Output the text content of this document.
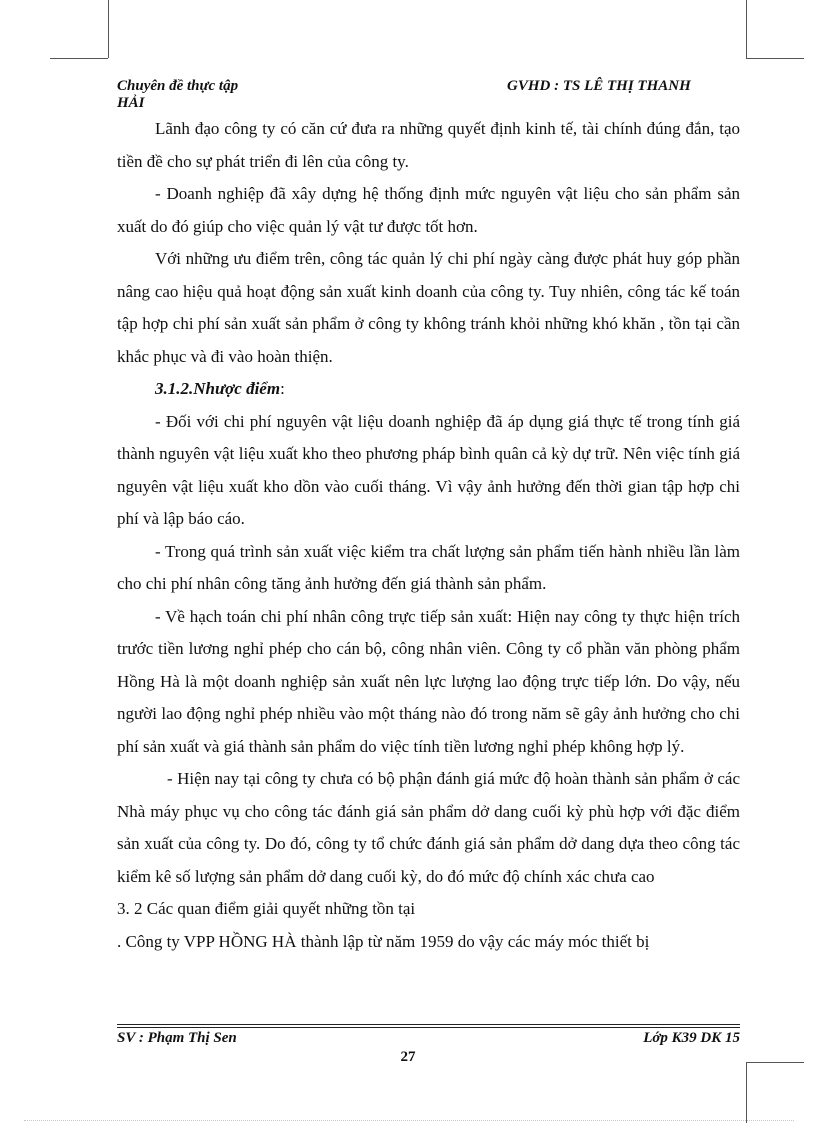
Chuyên đề thực tập HẢI
GVHD : TS LÊ THỊ THANH

Lãnh đạo công ty có căn cứ đưa ra những quyết định kinh tế, tài chính đúng đắn, tạo tiền đề cho sự phát triển đi lên của công ty.

- Doanh nghiệp đã xây dựng hệ thống định mức nguyên vật liệu cho sản phẩm sản xuất do đó giúp cho việc quản lý vật tư được tốt hơn.

Với những ưu điểm trên, công tác quản lý chi phí ngày càng được phát huy góp phần nâng cao hiệu quả hoạt động sản xuất kinh doanh của công ty. Tuy nhiên, công tác kế toán tập hợp chi phí sản xuất sản phẩm ở công ty không tránh khỏi những khó khăn , tồn tại cần khắc phục và đi vào hoàn thiện.

3.1.2.Nhược điểm:

- Đối với chi phí nguyên vật liệu doanh nghiệp đã áp dụng giá thực tế trong tính giá thành nguyên vật liệu xuất kho theo phương pháp bình quân cả kỳ dự trữ. Nên việc tính giá nguyên vật liệu xuất kho dồn vào cuối tháng. Vì vậy ảnh hưởng đến thời gian tập hợp chi phí và lập báo cáo.

- Trong quá trình sản xuất việc kiểm tra chất lượng sản phẩm tiến hành nhiều lần làm cho chi phí nhân công tăng ảnh hưởng đến giá thành sản phẩm.

- Về hạch toán chi phí nhân công trực tiếp sản xuất: Hiện nay công ty thực hiện trích trước tiền lương nghỉ phép cho cán bộ, công nhân viên. Công ty cổ phần văn phòng phẩm Hồng Hà là một doanh nghiệp sản xuất nên lực lượng lao động trực tiếp lớn. Do vậy, nếu người lao động nghỉ phép nhiều vào một tháng nào đó trong năm sẽ gây ảnh hưởng cho chi phí sản xuất và giá thành sản phẩm do việc tính tiền lương nghỉ phép không hợp lý.

- Hiện nay tại công ty chưa có bộ phận đánh giá mức độ hoàn thành sản phẩm ở các Nhà máy phục vụ cho công tác đánh giá sản phẩm dở dang cuối kỳ phù hợp với đặc điểm sản xuất của công ty. Do đó, công ty tổ chức đánh giá sản phẩm dở dang dựa theo công tác kiểm kê số lượng sản phẩm dở dang cuối kỳ, do đó mức độ chính xác chưa cao

3. 2 Các quan điểm giải quyết những tồn tại

. Công ty VPP HỒNG HÀ thành lập từ năm 1959 do vậy các máy móc thiết bị

SV : Phạm Thị Sen	Lớp K39 DK 15
27
